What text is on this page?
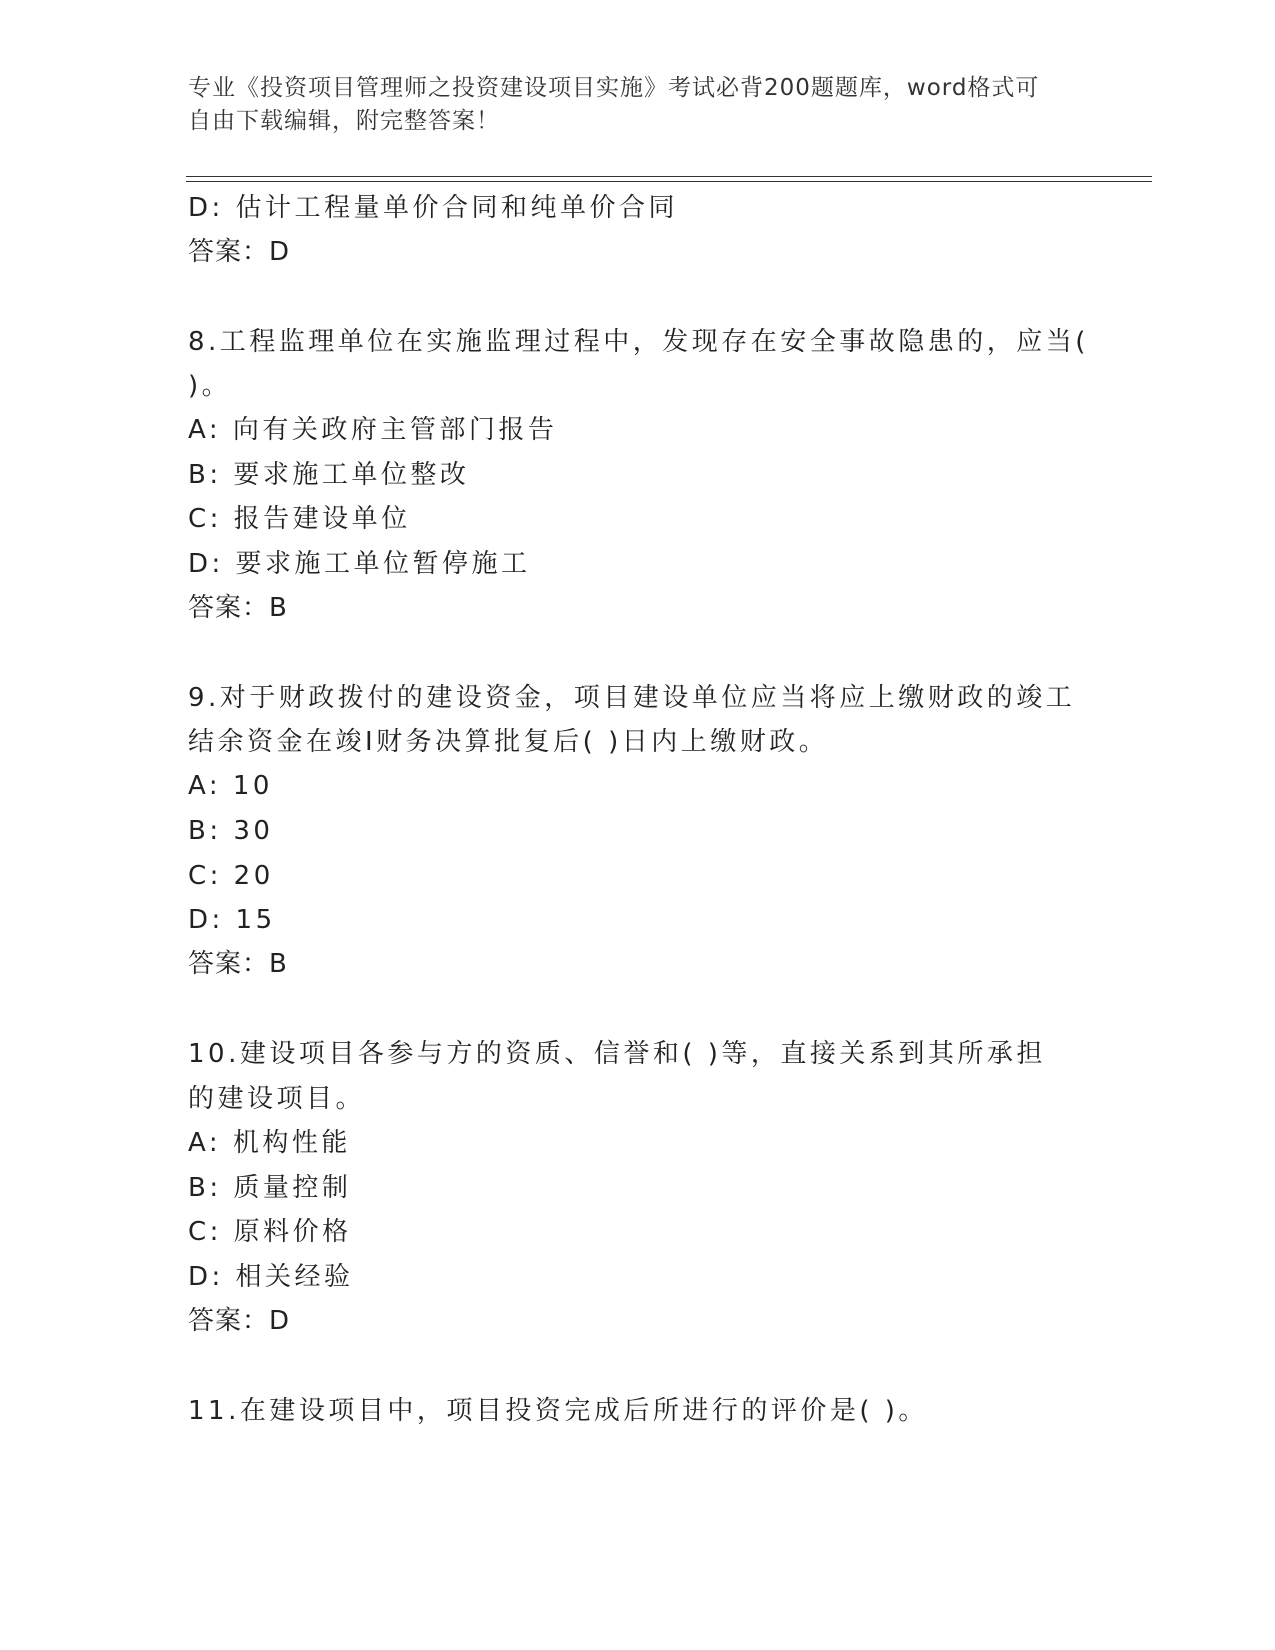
专业《投资项目管理师之投资建设项目实施》考试必背200题题库，word格式可
自由下载编辑，附完整答案！
D: 估计工程量单价合同和纯单价合同
答案：D
8.工程监理单位在实施监理过程中，发现存在安全事故隐患的，应当(
)。
A: 向有关政府主管部门报告
B: 要求施工单位整改
C: 报告建设单位
D: 要求施工单位暂停施工
答案：B
9.对于财政拨付的建设资金，项目建设单位应当将应上缴财政的竣工
结余资金在竣I财务决算批复后( )日内上缴财政。
A: 10
B: 30
C: 20
D: 15
答案：B
10.建设项目各参与方的资质、信誉和( )等，直接关系到其所承担
的建设项目。
A: 机构性能
B: 质量控制
C: 原料价格
D: 相关经验
答案：D
11.在建设项目中，项目投资完成后所进行的评价是( )。
